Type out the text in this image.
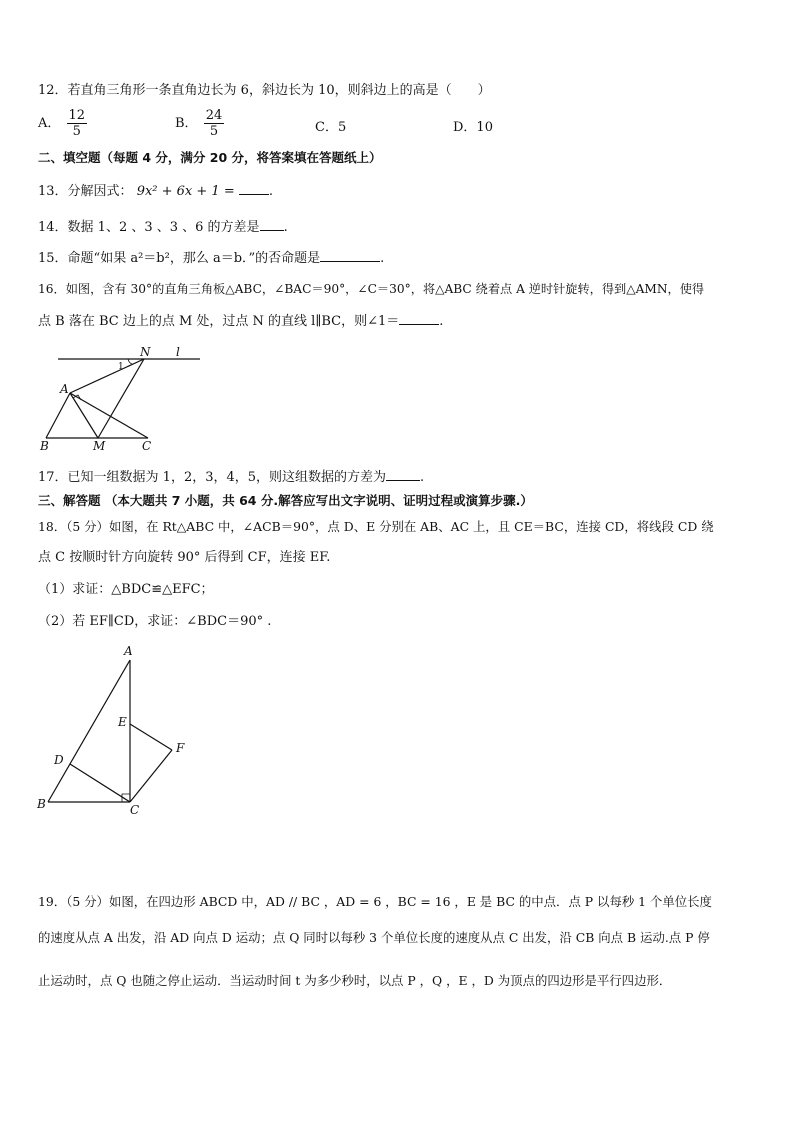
12．若直角三角形一条直角边长为 6，斜边长为 10，则斜边上的高是（　　）
A． $\frac{12}{5}$	B． $\frac{24}{5}$	C．5	D．10
二、填空题（每题 4 分，满分 20 分，将答案填在答题纸上）
13．分解因式： 9x² + 6x + 1 =	.
14．数据 1、2 、3 、3 、6 的方差是 .
15．命题“如果 a²＝b²，那么 a＝b．”的否命题是	.
16．如图，含有 30°的直角三角板△ABC，∠BAC＝90°，∠C＝30°，将△ABC 绕着点 A 逆时针旋转，得到△AMN，使得
点 B 落在 BC 边上的点 M 处，过点 N 的直线 l∥BC，则∠1＝	.
N l
1
A
B	M	C
17．已知一组数据为 1，2，3，4，5，则这组数据的方差为	.
三、解答题 （本大题共 7 小题，共 64 分.解答应写出文字说明、证明过程或演算步骤.）
18．（5 分）如图，在 Rt△ABC 中，∠ACB＝90°，点 D、E 分别在 AB、AC 上，且 CE＝BC，连接 CD，将线段 CD 绕
点 C 按顺时针方向旋转 90° 后得到 CF，连接 EF.
（1）求证：△BDC≌△EFC；
（2）若 EF∥CD，求证：∠BDC＝90° .
A
E
F
D
B	C
19．（5 分）如图，在四边形 ABCD 中，AD // BC ，AD = 6 ，BC = 16 ，E 是 BC 的中点．点 P 以每秒 1 个单位长度
的速度从点 A 出发，沿 AD 向点 D 运动；点 Q 同时以每秒 3 个单位长度的速度从点 C 出发，沿 CB 向点 B 运动.点 P 停
止运动时，点 Q 也随之停止运动．当运动时间 t 为多少秒时，以点 P ，Q ，E ，D 为顶点的四边形是平行四边形．
